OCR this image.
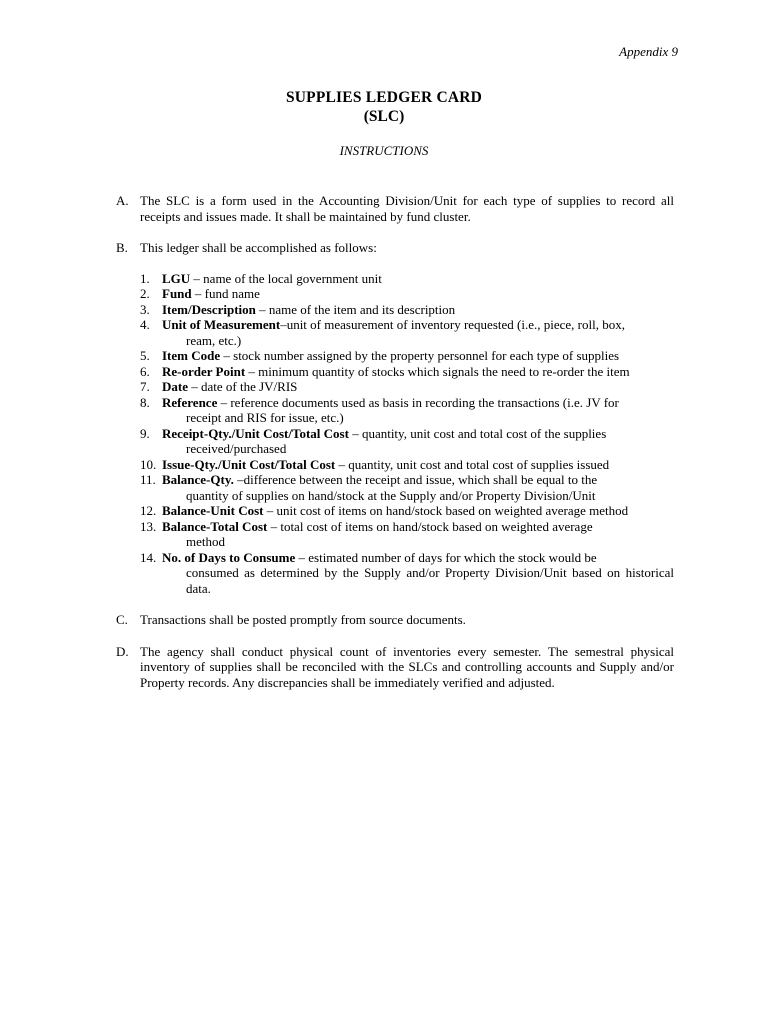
Appendix 9
SUPPLIES LEDGER CARD
(SLC)
INSTRUCTIONS
A. The SLC is a form used in the Accounting Division/Unit for each type of supplies to record all receipts and issues made. It shall be maintained by fund cluster.
B. This ledger shall be accomplished as follows:
1. LGU – name of the local government unit
2. Fund – fund name
3. Item/Description – name of the item and its description
4. Unit of Measurement–unit of measurement of inventory requested (i.e., piece, roll, box,
ream, etc.)
5. Item Code – stock number assigned by the property personnel for each type of supplies
6. Re-order Point – minimum quantity of stocks which signals the need to re-order the item
7. Date – date of the JV/RIS
8. Reference – reference documents used as basis in recording the transactions (i.e. JV for
receipt and RIS for issue, etc.)
9. Receipt-Qty./Unit Cost/Total Cost – quantity, unit cost and total cost of the supplies
received/purchased
10. Issue-Qty./Unit Cost/Total Cost – quantity, unit cost and total cost of supplies issued
11. Balance-Qty. –difference between the receipt and issue, which shall be equal to the
quantity of supplies on hand/stock at the Supply and/or Property Division/Unit
12. Balance-Unit Cost – unit cost of items on hand/stock based on weighted average method
13. Balance-Total Cost – total cost of items on hand/stock based on weighted average
method
14. No. of Days to Consume – estimated number of days for which the stock would be
consumed as determined by the Supply and/or Property Division/Unit based on historical data.
C. Transactions shall be posted promptly from source documents.
D. The agency shall conduct physical count of inventories every semester. The semestral physical inventory of supplies shall be reconciled with the SLCs and controlling accounts and Supply and/or Property records. Any discrepancies shall be immediately verified and adjusted.
